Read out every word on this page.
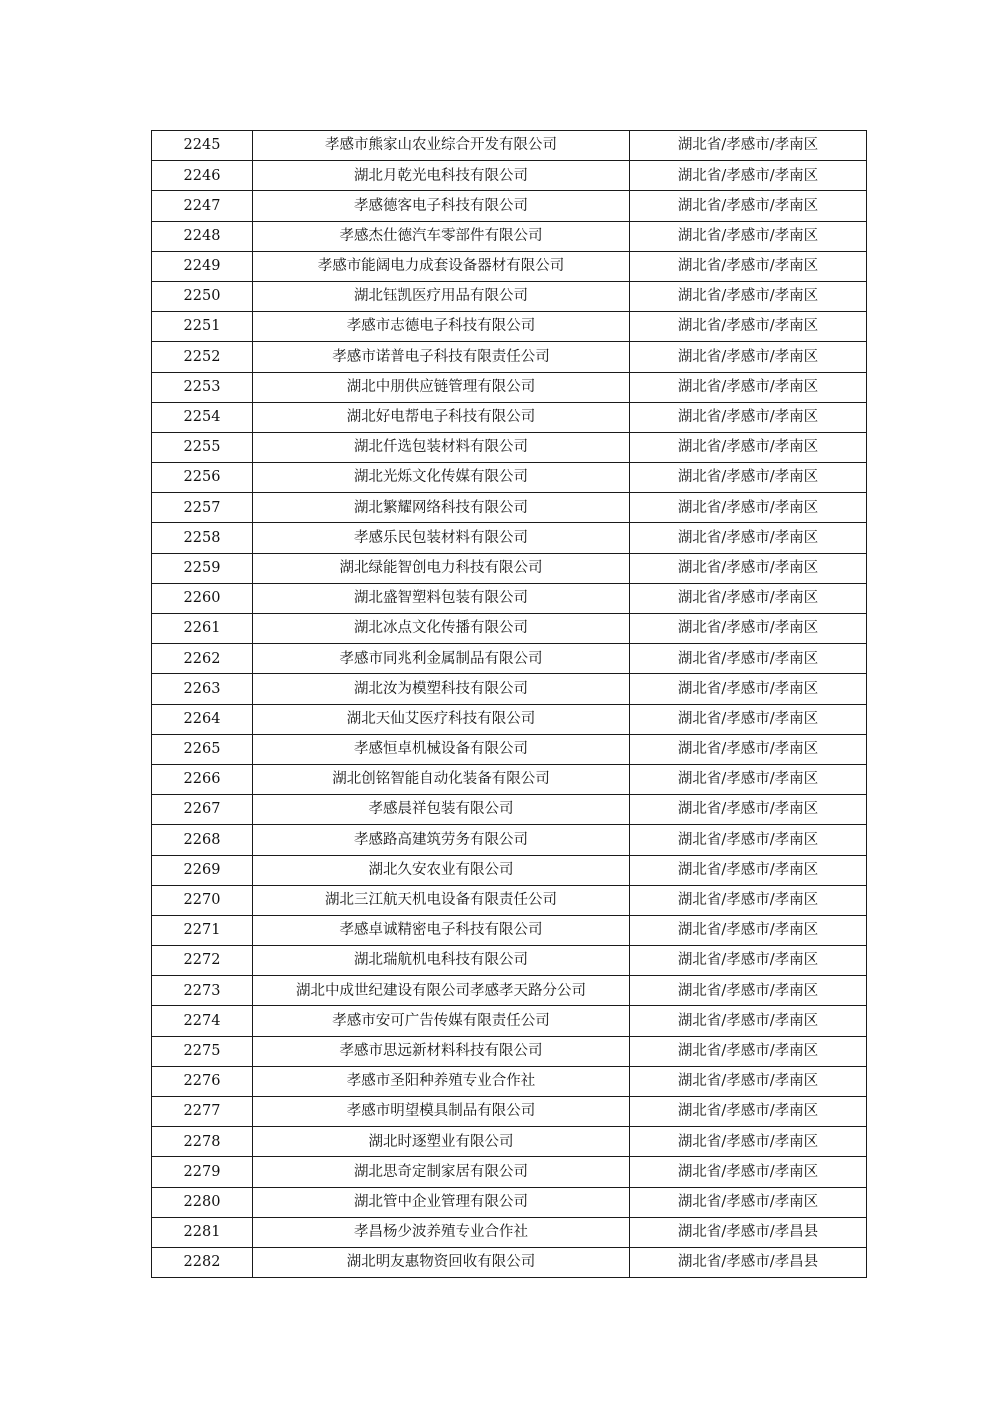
2245	孝感市熊家山农业综合开发有限公司	湖北省/孝感市/孝南区
2246	湖北月乾光电科技有限公司	湖北省/孝感市/孝南区
2247	孝感德客电子科技有限公司	湖北省/孝感市/孝南区
2248	孝感杰仕德汽车零部件有限公司	湖北省/孝感市/孝南区
2249	孝感市能阔电力成套设备器材有限公司	湖北省/孝感市/孝南区
2250	湖北钰凯医疗用品有限公司	湖北省/孝感市/孝南区
2251	孝感市志德电子科技有限公司	湖北省/孝感市/孝南区
2252	孝感市诺普电子科技有限责任公司	湖北省/孝感市/孝南区
2253	湖北中朋供应链管理有限公司	湖北省/孝感市/孝南区
2254	湖北好电帮电子科技有限公司	湖北省/孝感市/孝南区
2255	湖北仟选包装材料有限公司	湖北省/孝感市/孝南区
2256	湖北光烁文化传媒有限公司	湖北省/孝感市/孝南区
2257	湖北繁耀网络科技有限公司	湖北省/孝感市/孝南区
2258	孝感乐民包装材料有限公司	湖北省/孝感市/孝南区
2259	湖北绿能智创电力科技有限公司	湖北省/孝感市/孝南区
2260	湖北盛智塑料包装有限公司	湖北省/孝感市/孝南区
2261	湖北冰点文化传播有限公司	湖北省/孝感市/孝南区
2262	孝感市同兆利金属制品有限公司	湖北省/孝感市/孝南区
2263	湖北汝为模塑科技有限公司	湖北省/孝感市/孝南区
2264	湖北天仙艾医疗科技有限公司	湖北省/孝感市/孝南区
2265	孝感恒卓机械设备有限公司	湖北省/孝感市/孝南区
2266	湖北创铭智能自动化装备有限公司	湖北省/孝感市/孝南区
2267	孝感晨祥包装有限公司	湖北省/孝感市/孝南区
2268	孝感路高建筑劳务有限公司	湖北省/孝感市/孝南区
2269	湖北久安农业有限公司	湖北省/孝感市/孝南区
2270	湖北三江航天机电设备有限责任公司	湖北省/孝感市/孝南区
2271	孝感卓诚精密电子科技有限公司	湖北省/孝感市/孝南区
2272	湖北瑞航机电科技有限公司	湖北省/孝感市/孝南区
2273	湖北中成世纪建设有限公司孝感孝天路分公司	湖北省/孝感市/孝南区
2274	孝感市安可广告传媒有限责任公司	湖北省/孝感市/孝南区
2275	孝感市思远新材料科技有限公司	湖北省/孝感市/孝南区
2276	孝感市圣阳种养殖专业合作社	湖北省/孝感市/孝南区
2277	孝感市明望模具制品有限公司	湖北省/孝感市/孝南区
2278	湖北时逐塑业有限公司	湖北省/孝感市/孝南区
2279	湖北思奇定制家居有限公司	湖北省/孝感市/孝南区
2280	湖北管中企业管理有限公司	湖北省/孝感市/孝南区
2281	孝昌杨少波养殖专业合作社	湖北省/孝感市/孝昌县
2282	湖北明友惠物资回收有限公司	湖北省/孝感市/孝昌县
